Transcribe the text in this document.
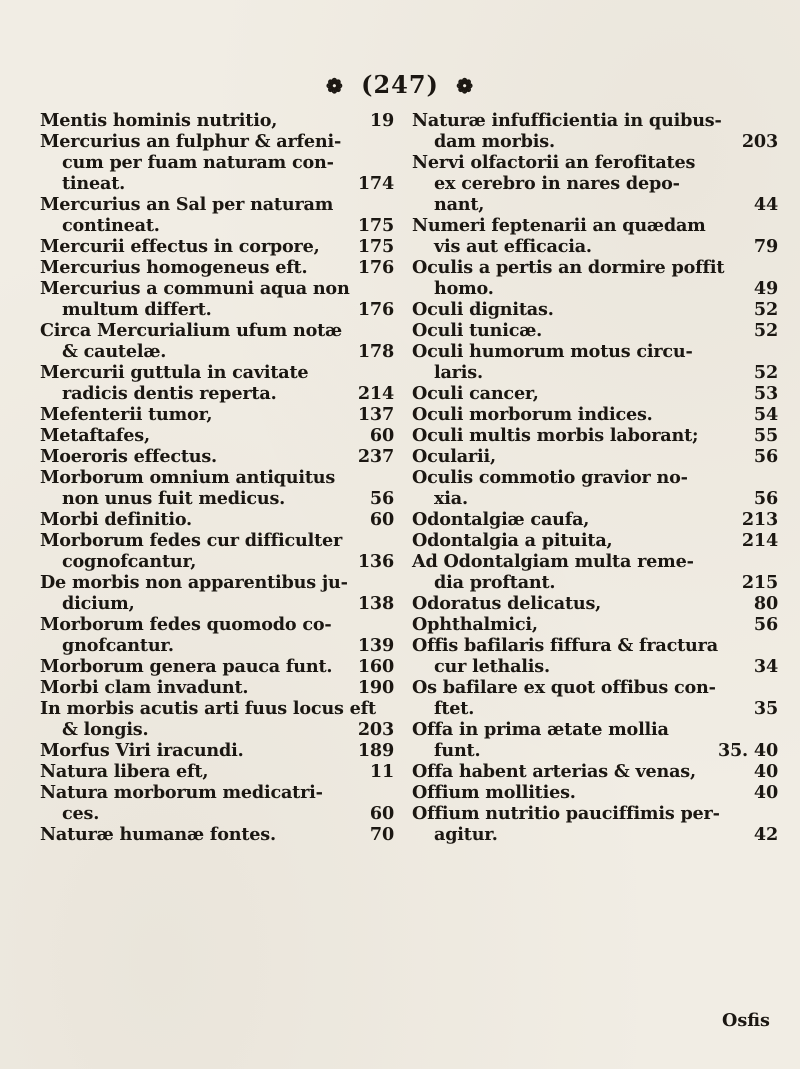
❁ (247) ❁
Mentis hominis nutritio,	19
Mercurius an fulphur & arfeni-
cum per fuam naturam con-
tineat.	174
Mercurius an Sal per naturam
contineat.	175
Mercurii effectus in corpore,	175
Mercurius homogeneus eft.	176
Mercurius a communi aqua non
multum differt.	176
Circa Mercurialium ufum notæ
& cautelæ.	178
Mercurii guttula in cavitate
radicis dentis reperta.	214
Mefenterii tumor,	137
Metaftafes,	60
Moeroris effectus.	237
Morborum omnium antiquitus
non unus fuit medicus.	56
Morbi definitio.	60
Morborum fedes cur difficulter
cognofcantur,	136
De morbis non apparentibus ju-
dicium,	138
Morborum fedes quomodo co-
gnofcantur.	139
Morborum genera pauca funt.	160
Morbi clam invadunt.	190
In morbis acutis arti fuus locus eft
& longis.	203
Morfus Viri iracundi.	189
Natura libera eft,	11
Natura morborum medicatri-
ces.	60
Naturæ humanæ fontes.	70
Naturæ infufficientia in quibus-
dam morbis.	203
Nervi olfactorii an ferofitates
ex cerebro in nares depo-
nant,	44
Numeri feptenarii an quædam
vis aut efficacia.	79
Oculis a pertis an dormire poffit
homo.	49
Oculi dignitas.	52
Oculi tunicæ.	52
Oculi humorum motus circu-
laris.	52
Oculi cancer,	53
Oculi morborum indices.	54
Oculi multis morbis laborant;	55
Ocularii,	56
Oculis commotio gravior no-
xia.	56
Odontalgiæ caufa,	213
Odontalgia a pituita,	214
Ad Odontalgiam multa reme-
dia proftant.	215
Odoratus delicatus,	80
Ophthalmici,	56
Offis bafilaris fiffura & fractura
cur lethalis.	34
Os bafilare ex quot offibus con-
ftet.	35
Offa in prima ætate mollia
funt.	35. 40
Offa habent arterias & venas,	40
Offium mollities.	40
Offium nutritio pauciffimis per-
agitur.	42
Osfis
